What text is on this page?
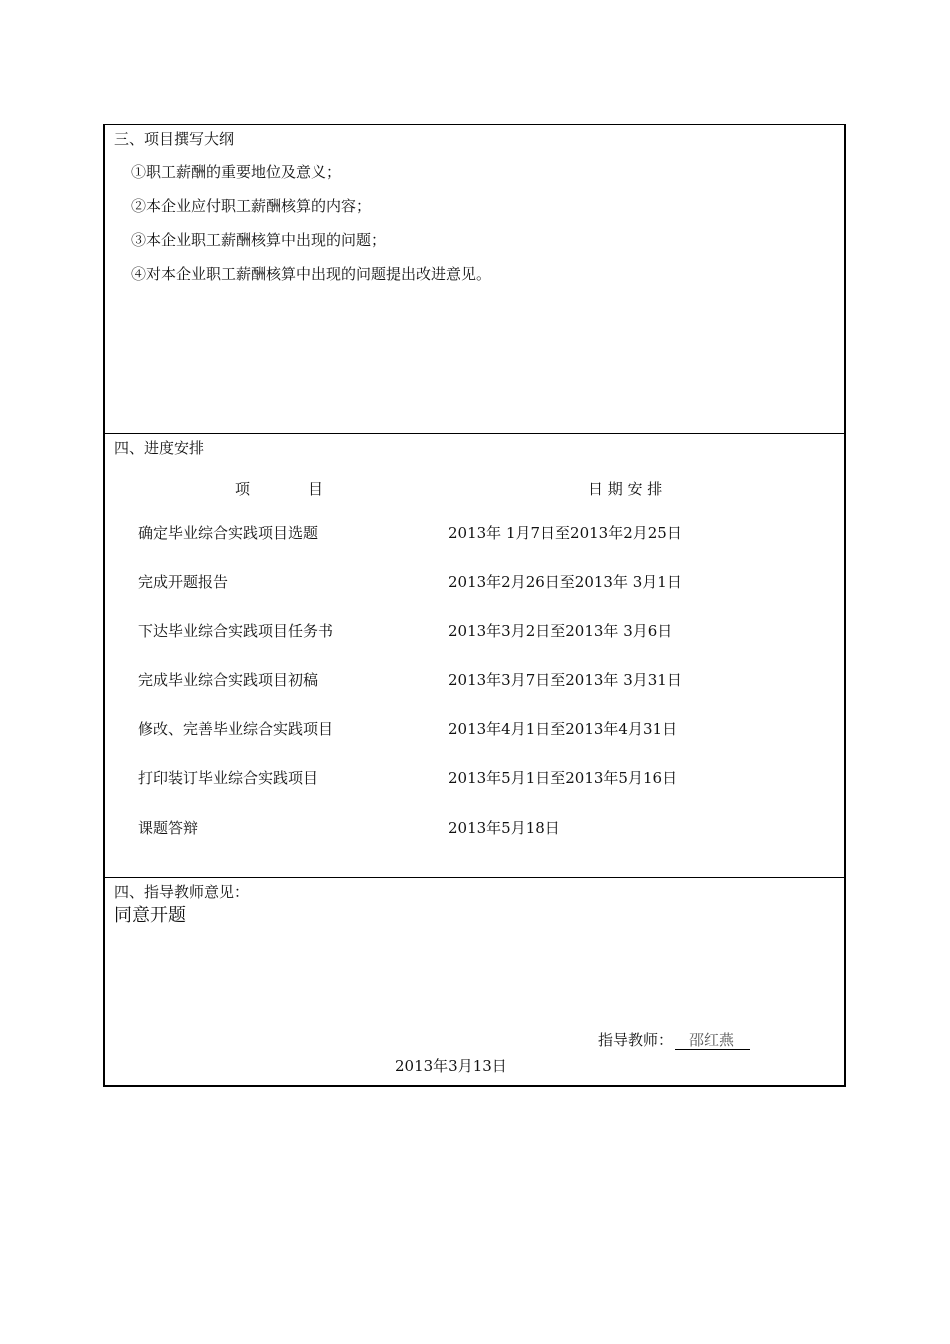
三、项目撰写大纲
①职工薪酬的重要地位及意义；
②本企业应付职工薪酬核算的内容；
③本企业职工薪酬核算中出现的问题；
④对本企业职工薪酬核算中出现的问题提出改进意见。
四、进度安排
项	目	日 期 安 排
确定毕业综合实践项目选题	2013年 1月7日至2013年2月25日
完成开题报告	2013年2月26日至2013年 3月1日
下达毕业综合实践项目任务书	2013年3月2日至2013年 3月6日
完成毕业综合实践项目初稿	2013年3月7日至2013年 3月31日
修改、完善毕业综合实践项目	2013年4月1日至2013年4月31日
打印装订毕业综合实践项目	2013年5月1日至2013年5月16日
课题答辩	2013年5月18日
四、指导教师意见：
同意开题
指导教师： 邵红燕
2013年3月13日
